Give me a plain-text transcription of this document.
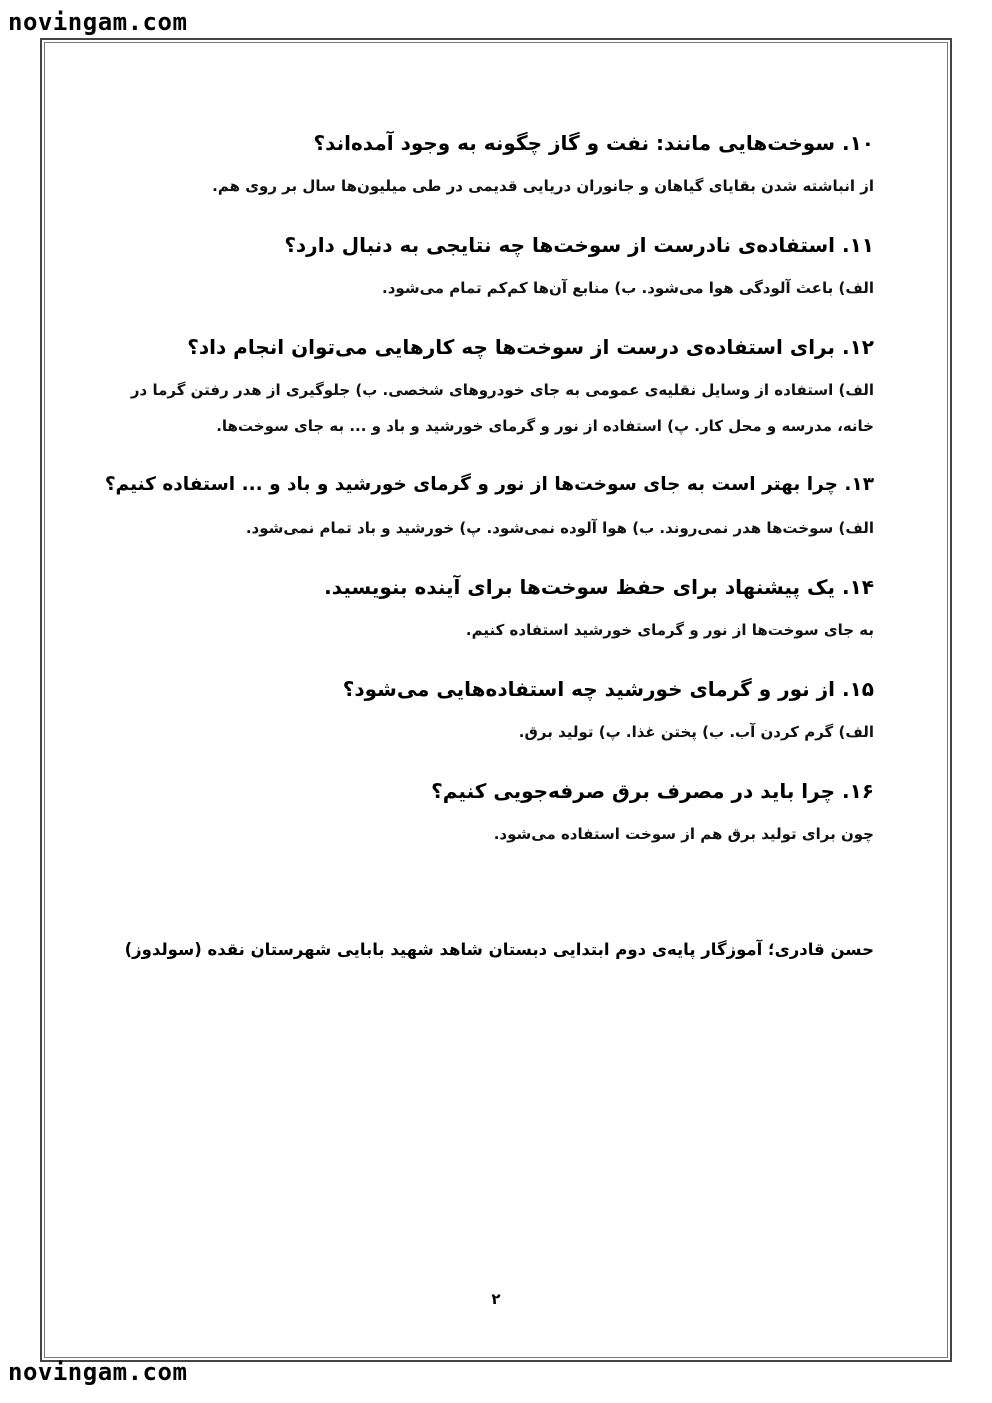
novingam.com
۱۰. سوخت‌هایی مانند: نفت و گاز چگونه به وجود آمده‌اند؟
از انباشته شدن بقایای گیاهان و جانوران دریایی قدیمی در طی میلیون‌ها سال بر روی هم.
۱۱. استفاده‌ی نادرست از سوخت‌ها چه نتایجی به دنبال دارد؟
الف) باعث آلودگی هوا می‌شود. ب) منابع آن‌ها کم‌کم تمام می‌شود.
۱۲. برای استفاده‌ی درست از سوخت‌ها چه کارهایی می‌توان انجام داد؟
الف) استفاده از وسایل نقلیه‌ی عمومی به جای خودروهای شخصی. ب) جلوگیری از هدر رفتن گرما در خانه، مدرسه و محل کار. پ) استفاده از نور و گرمای خورشید و باد و ... به جای سوخت‌ها.
۱۳. چرا بهتر است به جای سوخت‌ها از نور و گرمای خورشید و باد و ... استفاده کنیم؟
الف) سوخت‌ها هدر نمی‌روند. ب) هوا آلوده نمی‌شود. پ) خورشید و باد تمام نمی‌شود.
۱۴. یک پیشنهاد برای حفظ سوخت‌ها برای آینده بنویسید.
به جای سوخت‌ها از نور و گرمای خورشید استفاده کنیم.
۱۵. از نور و گرمای خورشید چه استفاده‌هایی می‌شود؟
الف) گرم کردن آب. ب) پختن غذا. پ) تولید برق.
۱۶. چرا باید در مصرف برق صرفه‌جویی کنیم؟
چون برای تولید برق هم از سوخت استفاده می‌شود.
حسن قادری؛ آموزگار پایه‌ی دوم ابتدایی دبستان شاهد شهید بابایی شهرستان نقده (سولدوز)
۲
novingam.com
